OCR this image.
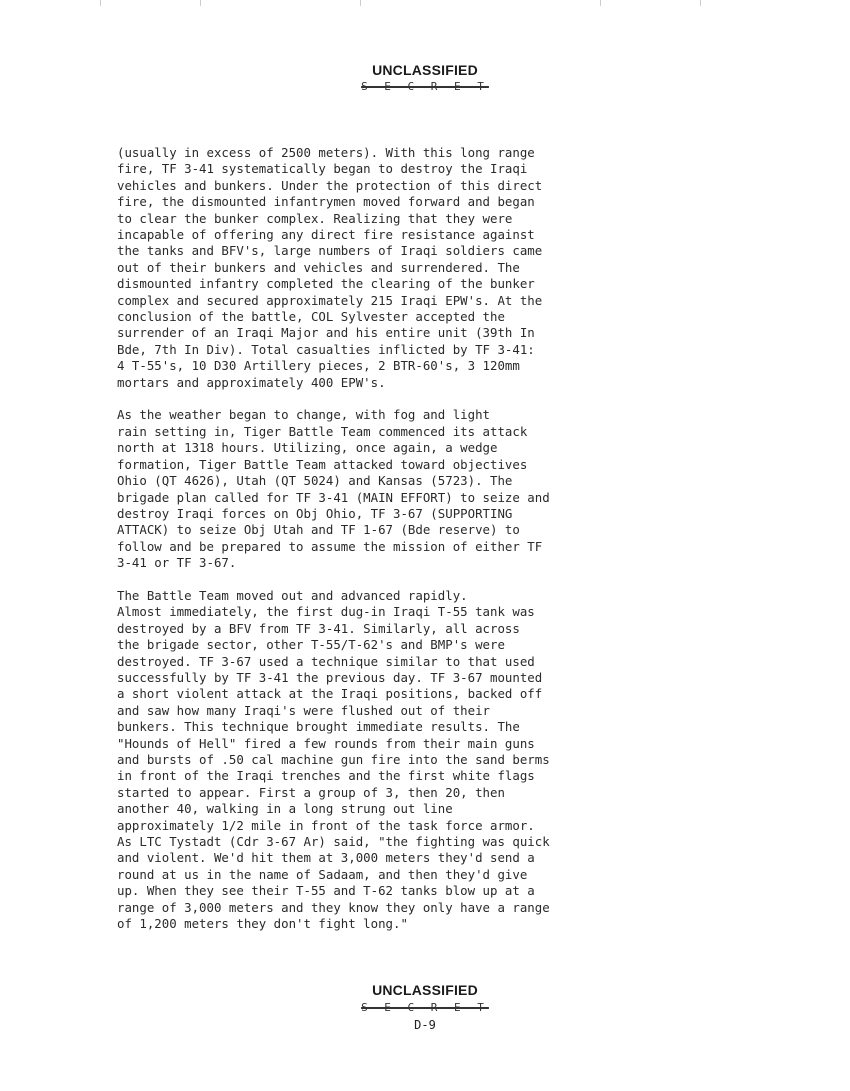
UNCLASSIFIED
S E C R E T

(usually in excess of 2500 meters). With this long range
fire, TF 3-41 systematically began to destroy the Iraqi
vehicles and bunkers. Under the protection of this direct
fire, the dismounted infantrymen moved forward and began
to clear the bunker complex. Realizing that they were
incapable of offering any direct fire resistance against
the tanks and BFV's, large numbers of Iraqi soldiers came
out of their bunkers and vehicles and surrendered. The
dismounted infantry completed the clearing of the bunker
complex and secured approximately 215 Iraqi EPW's. At the
conclusion of the battle, COL Sylvester accepted the
surrender of an Iraqi Major and his entire unit (39th In
Bde, 7th In Div). Total casualties inflicted by TF 3-41:
4 T-55's, 10 D30 Artillery pieces, 2 BTR-60's, 3 120mm
mortars and approximately 400 EPW's.

As the weather began to change, with fog and light
rain setting in, Tiger Battle Team commenced its attack
north at 1318 hours. Utilizing, once again, a wedge
formation, Tiger Battle Team attacked toward objectives
Ohio (QT 4626), Utah (QT 5024) and Kansas (5723). The
brigade plan called for TF 3-41 (MAIN EFFORT) to seize and
destroy Iraqi forces on Obj Ohio, TF 3-67 (SUPPORTING
ATTACK) to seize Obj Utah and TF 1-67 (Bde reserve) to
follow and be prepared to assume the mission of either TF
3-41 or TF 3-67.

The Battle Team moved out and advanced rapidly.
Almost immediately, the first dug-in Iraqi T-55 tank was
destroyed by a BFV from TF 3-41. Similarly, all across
the brigade sector, other T-55/T-62's and BMP's were
destroyed. TF 3-67 used a technique similar to that used
successfully by TF 3-41 the previous day. TF 3-67 mounted
a short violent attack at the Iraqi positions, backed off
and saw how many Iraqi's were flushed out of their
bunkers. This technique brought immediate results. The
"Hounds of Hell" fired a few rounds from their main guns
and bursts of .50 cal machine gun fire into the sand berms
in front of the Iraqi trenches and the first white flags
started to appear. First a group of 3, then 20, then
another 40, walking in a long strung out line
approximately 1/2 mile in front of the task force armor.
As LTC Tystadt (Cdr 3-67 Ar) said, "the fighting was quick
and violent. We'd hit them at 3,000 meters they'd send a
round at us in the name of Sadaam, and then they'd give
up. When they see their T-55 and T-62 tanks blow up at a
range of 3,000 meters and they know they only have a range
of 1,200 meters they don't fight long."

UNCLASSIFIED
S E C R E T
D-9
